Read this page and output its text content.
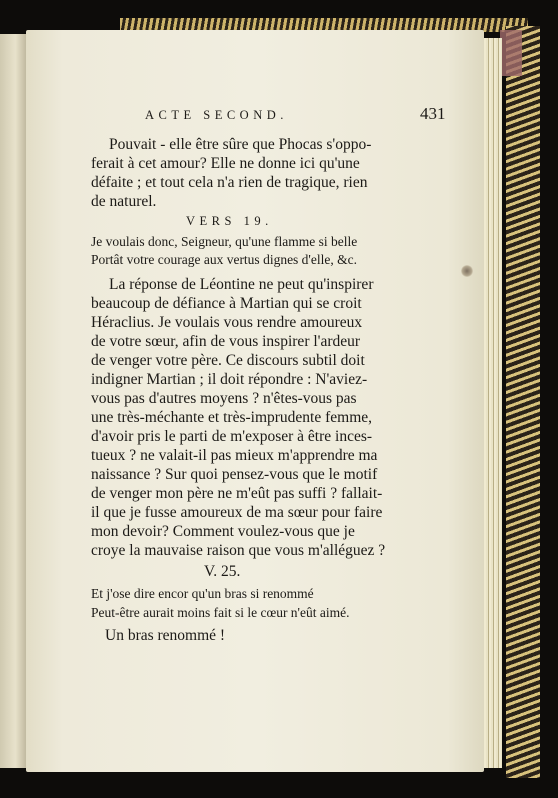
ACTE SECOND.	431
Pouvait - elle être sûre que Phocas s'oppo-
ferait à cet amour? Elle ne donne ici qu'une
défaite ; et tout cela n'a rien de tragique, rien
de naturel.
VERS 19.
Je voulais donc, Seigneur, qu'une flamme si belle
Portât votre courage aux vertus dignes d'elle, &c.
La réponse de Léontine ne peut qu'inspirer
beaucoup de défiance à Martian qui se croit
Héraclius. Je voulais vous rendre amoureux
de votre sœur, afin de vous inspirer l'ardeur
de venger votre père. Ce discours subtil doit
indigner Martian ; il doit répondre : N'aviez-
vous pas d'autres moyens ? n'êtes-vous pas
une très-méchante et très-imprudente femme,
d'avoir pris le parti de m'exposer à être inces-
tueux ? ne valait-il pas mieux m'apprendre ma
naissance ? Sur quoi pensez-vous que le motif
de venger mon père ne m'eût pas suffi ? fallait-
il que je fusse amoureux de ma sœur pour faire
mon devoir? Comment voulez-vous que je
croye la mauvaise raison que vous m'alléguez ?
V. 25.
Et j'ose dire encor qu'un bras si renommé
Peut-être aurait moins fait si le cœur n'eût aimé.
Un bras renommé !
